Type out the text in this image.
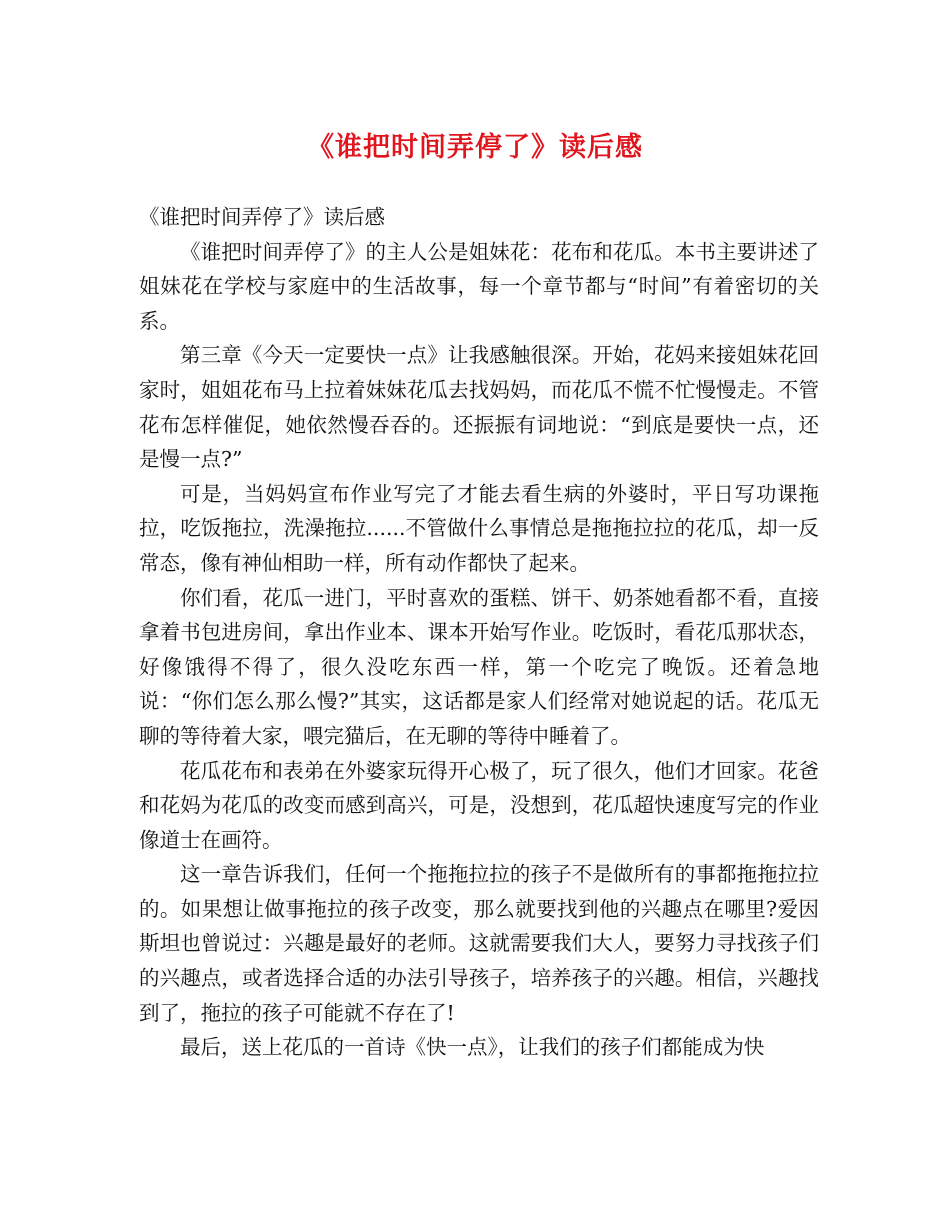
《谁把时间弄停了》读后感

《谁把时间弄停了》读后感

《谁把时间弄停了》的主人公是姐妹花：花布和花瓜。本书主要讲述了姐妹花在学校与家庭中的生活故事，每一个章节都与“时间”有着密切的关系。

第三章《今天一定要快一点》让我感触很深。开始，花妈来接姐妹花回家时，姐姐花布马上拉着妹妹花瓜去找妈妈，而花瓜不慌不忙慢慢走。不管花布怎样催促，她依然慢吞吞的。还振振有词地说：“到底是要快一点，还是慢一点?”

可是，当妈妈宣布作业写完了才能去看生病的外婆时，平日写功课拖拉，吃饭拖拉，洗澡拖拉......不管做什么事情总是拖拖拉拉的花瓜，却一反常态，像有神仙相助一样，所有动作都快了起来。

你们看，花瓜一进门，平时喜欢的蛋糕、饼干、奶茶她看都不看，直接拿着书包进房间，拿出作业本、课本开始写作业。吃饭时，看花瓜那状态，好像饿得不得了，很久没吃东西一样，第一个吃完了晚饭。还着急地说：“你们怎么那么慢?”其实，这话都是家人们经常对她说起的话。花瓜无聊的等待着大家，喂完猫后，在无聊的等待中睡着了。

花瓜花布和表弟在外婆家玩得开心极了，玩了很久，他们才回家。花爸和花妈为花瓜的改变而感到高兴，可是，没想到，花瓜超快速度写完的作业像道士在画符。

这一章告诉我们，任何一个拖拖拉拉的孩子不是做所有的事都拖拖拉拉的。如果想让做事拖拉的孩子改变，那么就要找到他的兴趣点在哪里?爱因斯坦也曾说过：兴趣是最好的老师。这就需要我们大人，要努力寻找孩子们的兴趣点，或者选择合适的办法引导孩子，培养孩子的兴趣。相信，兴趣找到了，拖拉的孩子可能就不存在了!

最后，送上花瓜的一首诗《快一点》，让我们的孩子们都能成为快
